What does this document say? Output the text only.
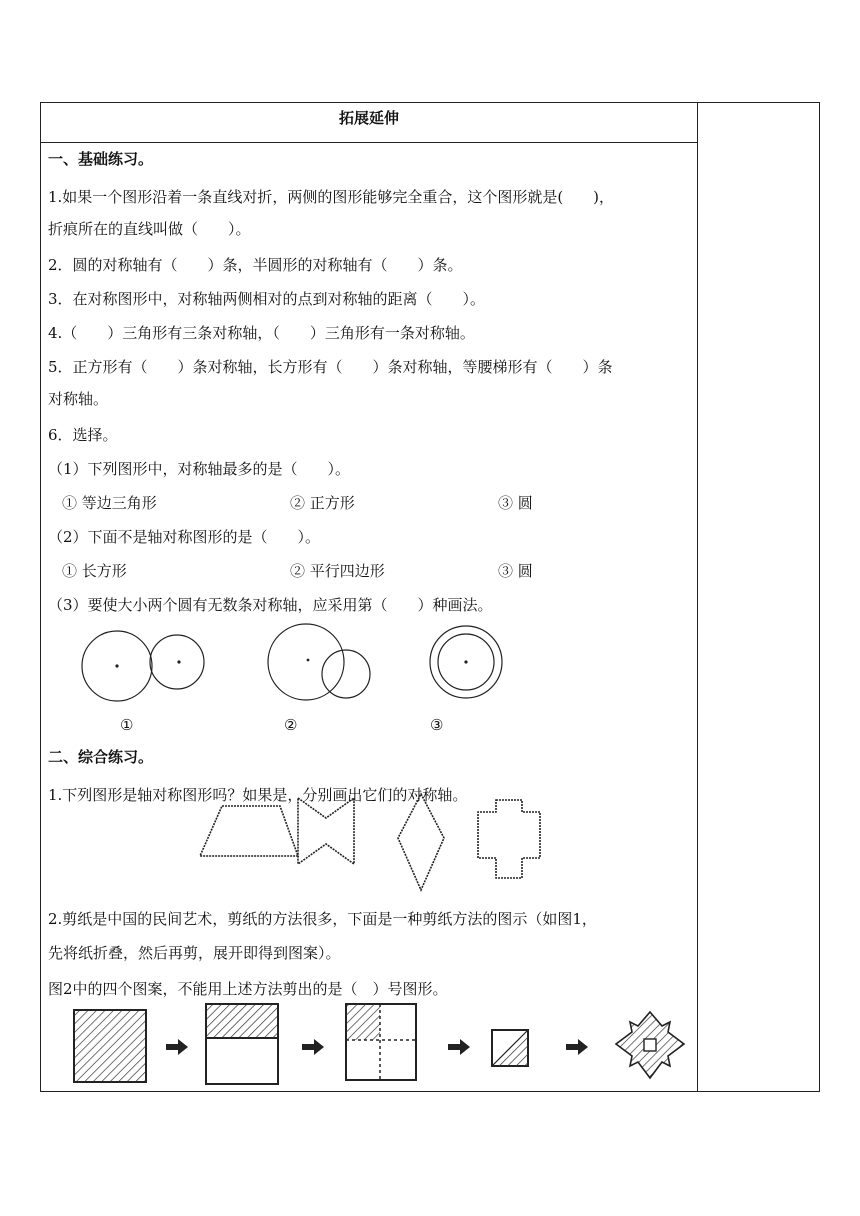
拓展延伸
一、基础练习。
1.如果一个图形沿着一条直线对折，两侧的图形能够完全重合，这个图形就是(　　)，
折痕所在的直线叫做（　　）。
2．圆的对称轴有（　　）条，半圆形的对称轴有（　　）条。
3．在对称图形中，对称轴两侧相对的点到对称轴的距离（　　）。
4.（　　）三角形有三条对称轴，（　　）三角形有一条对称轴。
5．正方形有（　　）条对称轴，长方形有（　　）条对称轴，等腰梯形有（　　）条
对称轴。
6．选择。
（1）下列图形中，对称轴最多的是（　　）。
① 等边三角形	② 正方形	③ 圆
（2）下面不是轴对称图形的是（　　）。
① 长方形	② 平行四边形	③ 圆
（3）要使大小两个圆有无数条对称轴，应采用第（　　）种画法。
①	②	③
二、综合练习。
1.下列图形是轴对称图形吗？如果是，分别画出它们的对称轴。
2.剪纸是中国的民间艺术，剪纸的方法很多，下面是一种剪纸方法的图示（如图1，
先将纸折叠，然后再剪，展开即得到图案）。
图2中的四个图案，不能用上述方法剪出的是（　）号图形。
